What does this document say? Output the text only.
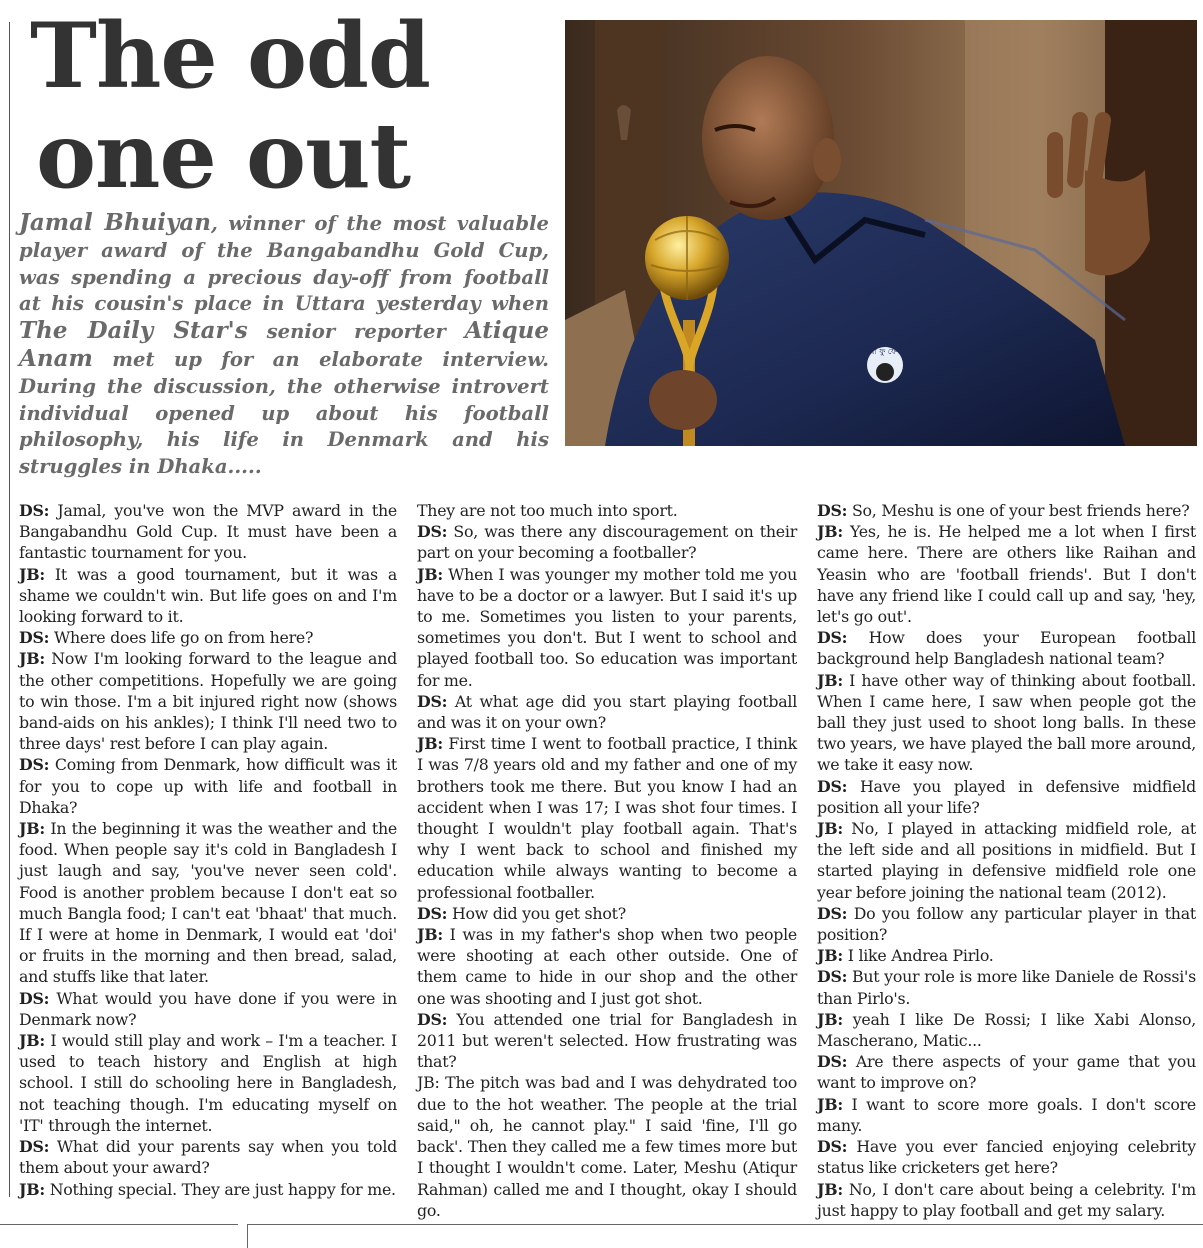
The odd
one out

Jamal Bhuiyan, winner of the most valuable player award of the Bangabandhu Gold Cup, was spending a precious day-off from football at his cousin's place in Uttara yesterday when The Daily Star's senior reporter Atique Anam met up for an elaborate interview. During the discussion, the otherwise introvert individual opened up about his football philosophy, his life in Denmark and his struggles in Dhaka.....

বা ফু ফে

DS: Jamal, you've won the MVP award in the Bangabandhu Gold Cup. It must have been a fantastic tournament for you.

JB: It was a good tournament, but it was a shame we couldn't win. But life goes on and I'm looking forward to it.

DS: Where does life go on from here?

JB: Now I'm looking forward to the league and the other competitions. Hopefully we are going to win those. I'm a bit injured right now (shows band-aids on his ankles); I think I'll need two to three days' rest before I can play again.

DS: Coming from Denmark, how difficult was it for you to cope up with life and football in Dhaka?

JB: In the beginning it was the weather and the food. When people say it's cold in Bangladesh I just laugh and say, 'you've never seen cold'. Food is another problem because I don't eat so much Bangla food; I can't eat 'bhaat' that much. If I were at home in Denmark, I would eat 'doi' or fruits in the morning and then bread, salad, and stuffs like that later.

DS: What would you have done if you were in Denmark now?

JB: I would still play and work – I'm a teacher. I used to teach history and English at high school. I still do schooling here in Bangladesh, not teaching though. I'm educating myself on 'IT' through the internet.

DS: What did your parents say when you told them about your award?

JB: Nothing special. They are just happy for me.

They are not too much into sport.

DS: So, was there any discouragement on their part on your becoming a footballer?

JB: When I was younger my mother told me you have to be a doctor or a lawyer. But I said it's up to me. Sometimes you listen to your parents, sometimes you don't. But I went to school and played football too. So education was important for me.

DS: At what age did you start playing football and was it on your own?

JB: First time I went to football practice, I think I was 7/8 years old and my father and one of my brothers took me there. But you know I had an accident when I was 17; I was shot four times. I thought I wouldn't play football again. That's why I went back to school and finished my education while always wanting to become a professional footballer.

DS: How did you get shot?

JB: I was in my father's shop when two people were shooting at each other outside. One of them came to hide in our shop and the other one was shooting and I just got shot.

DS: You attended one trial for Bangladesh in 2011 but weren't selected. How frustrating was that?

JB: The pitch was bad and I was dehydrated too due to the hot weather. The people at the trial said," oh, he cannot play." I said 'fine, I'll go back'. Then they called me a few times more but I thought I wouldn't come. Later, Meshu (Atiqur Rahman) called me and I thought, okay I should go.

DS: So, Meshu is one of your best friends here?

JB: Yes, he is. He helped me a lot when I first came here. There are others like Raihan and Yeasin who are 'football friends'. But I don't have any friend like I could call up and say, 'hey, let's go out'.

DS: How does your European football background help Bangladesh national team?

JB: I have other way of thinking about football. When I came here, I saw when people got the ball they just used to shoot long balls. In these two years, we have played the ball more around, we take it easy now.

DS: Have you played in defensive midfield position all your life?

JB: No, I played in attacking midfield role, at the left side and all positions in midfield. But I started playing in defensive midfield role one year before joining the national team (2012).

DS: Do you follow any particular player in that position?

JB: I like Andrea Pirlo.

DS: But your role is more like Daniele de Rossi's than Pirlo's.

JB: yeah I like De Rossi; I like Xabi Alonso, Mascherano, Matic...

DS: Are there aspects of your game that you want to improve on?

JB: I want to score more goals. I don't score many.

DS: Have you ever fancied enjoying celebrity status like cricketers get here?

JB: No, I don't care about being a celebrity. I'm just happy to play football and get my salary.
